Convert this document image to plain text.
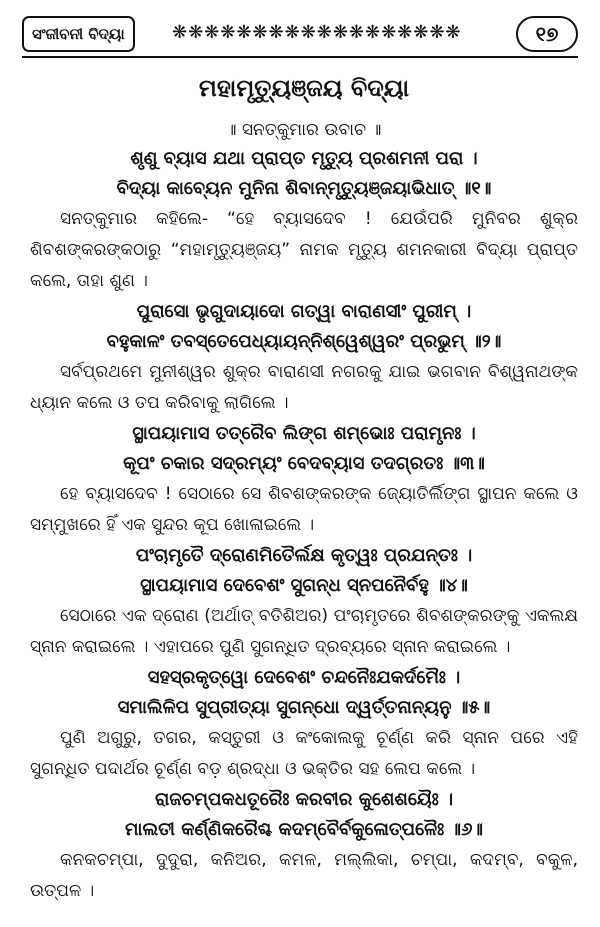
ସଂଜୀବନୀ ବିଦ୍ୟା	❋❋❋❋❋❋❋❋❋❋❋❋❋❋❋❋❋❋	୧୭
ମହାମୃତ୍ୟୁଞ୍ଜୟ ବିଦ୍ୟା

॥ ସନତ୍କୁମାର ଉବାଚ ॥

ଶୃଣୁ ବ୍ୟାସ ଯଥା ପ୍ରାପ୍ତ ମୃତ୍ୟୁ ପ୍ରଶମନୀ ପରା ।

ବିଦ୍ୟା କାବ୍ୟେନ ମୁନିନା ଶିବାନ୍ମୃତ୍ୟୁଞ୍ଜୟାଭିଧାତ୍ ॥୧॥

ସନତ୍କୁମାର କହିଲେ- “ହେ ବ୍ୟାସଦେବ ! ଯେଉଁପରି ମୁନିବର ଶୁକ୍ର ଶିବଶଙ୍କରଙ୍କଠାରୁ “ମହାମୃତ୍ୟୁଞ୍ଜୟ” ନାମକ ମୃତ୍ୟୁ ଶମନକାରୀ ବିଦ୍ୟା ପ୍ରାପ୍ତ କଲେ, ତାହା ଶୁଣ ।

ପୁରାସୋ ଭୃଗୁଦାୟାଦୋ ଗତ୍ୱା ବାରାଣସୀଂ ପୁରୀମ୍ ।

ବହୁକାଳଂ ତବସ୍ତେପେଧ୍ୟାୟନ୍ନିଶ୍ୱେଶ୍ୱରଂ ପ୍ରଭୁମ୍ ॥୨॥

ସର୍ବପ୍ରଥମେ ମୁନୀଶ୍ୱର ଶୁକ୍ର ବାରାଣସୀ ନଗରକୁ ଯାଇ ଭଗବାନ ବିଶ୍ୱନାଥଙ୍କ ଧ୍ୟାନ କଲେ ଓ ତପ କରିବାକୁ ଲାଗିଲେ ।

ସ୍ଥାପୟାମାସ ତତ୍ରୈବ ଲିଙ୍ଗ ଶମ୍ଭୋଃ ପରାମୃନଃ ।

କୂପଂ ଚକାର ସଦ୍ରମ୍ୟଂ ବେଦବ୍ୟାସ ତଦଗ୍ରତଃ ॥୩॥

ହେ ବ୍ୟାସଦେବ ! ସେଠାରେ ସେ ଶିବଶଙ୍କରଙ୍କ ଜ୍ୟୋତିର୍ଲିଙ୍ଗ ସ୍ଥାପନ କଲେ ଓ ସମ୍ମୁଖରେ ହିଁ ଏକ ସୁନ୍ଦର କୂପ ଖୋଳାଇଲେ ।

ପଂଚାମୃତୈ ଦ୍ରୋଣମିତୈର୍ଲକ୍ଷ କୃତ୍ୱଃ ପ୍ରଯନ୍ତଃ ।

ସ୍ଥାପୟାମାସ ଦେବେଶଂ ସୁଗନ୍ଧ ସ୍ନପନୈର୍ବହୁ ॥୪॥

ସେଠାରେ ଏକ ଦ୍ରୋଣ (ଅର୍ଥାତ୍ ବତିଶିଅର) ପଂଚାମୃତରେ ଶିବଶଙ୍କରଙ୍କୁ ଏକଲକ୍ଷ ସ୍ନାନ କରାଇଲେ । ଏହାପରେ ପୁଣି ସୁଗନ୍ଧିତ ଦ୍ରବ୍ୟରେ ସ୍ନାନ କରାଇଲେ ।

ସହସ୍ରକୃତ୍ୱୋ ଦେବେଶଂ ଚନ୍ଦନୈଃଯକର୍ଦମୈଃ ।

ସମାଲିଳିପ ସୁପ୍ରୀତ୍ୟା ସୁଗନ୍ଧୋ ଦ୍ୱର୍ତ୍ତନାନ୍ୟନୁ ॥୫॥

ପୁଣି ଅଗୁରୁ, ତଗର, କସ୍ତୁରୀ ଓ କଂକୋଲକୁ ଚୂର୍ଣ୍ଣ କରି ସ୍ନାନ ପରେ ଏହି ସୁଗନ୍ଧିତ ପଦାର୍ଥର ଚୂର୍ଣ୍ଣ ବଡ଼ ଶ୍ରଦ୍ଧା ଓ ଭକ୍ତିର ସହ ଲେପ କଲେ ।

ରାଜଚମ୍ପକଧତୂରୈଃ କରବୀର କୁଶେଶୟୈଃ ।

ମାଲତୀ କର୍ଣ୍ଣିକରୈଶ୍ଚ କଦମ୍ବୈର୍ବକୁଳୋତ୍ପଳୈଃ ॥୬॥

କନକଚମ୍ପା, ଦୁଦୁରା, କନିଅର, କମଳ, ମଲ୍ଲିକା, ଚମ୍ପା, କଦମ୍ବ, ବକୁଳ, ଉତ୍ପଳ ।
